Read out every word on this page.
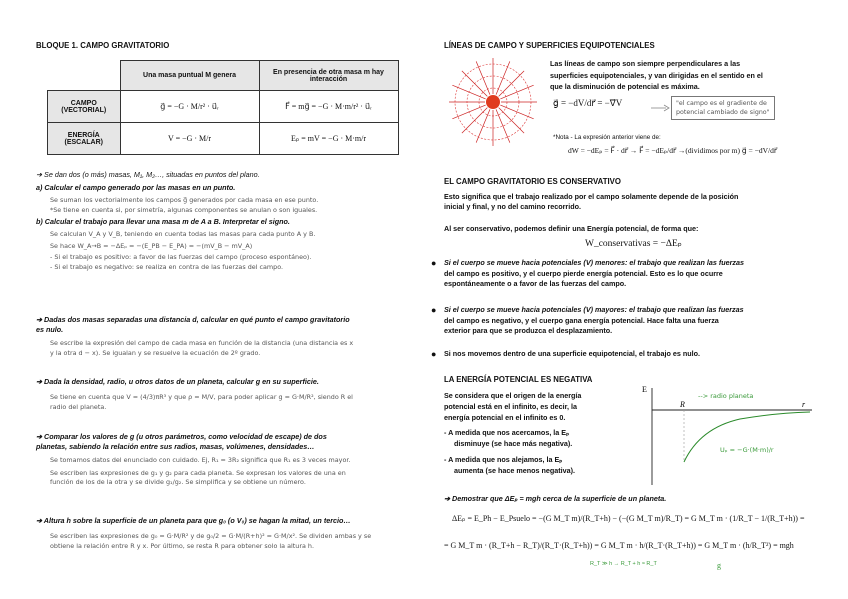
BLOQUE 1. CAMPO GRAVITATORIO
	Una masa puntual M genera	En presencia de otra masa m hay interacción

CAMPO
(VECTORIAL)	g⃗ = −G · M/r² · u⃗ᵣ	F⃗ = mg⃗ = −G · M·m/r² · u⃗ᵣ

ENERGÍA
(ESCALAR)	V = −G · M/r	Eₚ = mV = −G · M·m/r
➔ Se dan dos (o más) masas, M₁, M₂…, situadas en puntos del plano.
a) Calcular el campo generado por las masas en un punto.
Se suman los vectorialmente los campos g⃗ generados por cada masa en ese punto.
*Se tiene en cuenta si, por simetría, algunas componentes se anulan o son iguales.
b) Calcular el trabajo para llevar una masa m de A a B. Interpretar el signo.
Se calculan V_A y V_B, teniendo en cuenta todas las masas para cada punto A y B.
Se hace W_A→B = −ΔEₚ = −(E_PB − E_PA) = −(mV_B − mV_A)
- Si el trabajo es positivo: a favor de las fuerzas del campo (proceso espontáneo).
- Si el trabajo es negativo: se realiza en contra de las fuerzas del campo.
➔ Dadas dos masas separadas una distancia d, calcular en qué punto el campo gravitatorio
es nulo.
Se escribe la expresión del campo de cada masa en función de la distancia (una distancia es x
y la otra d − x). Se igualan y se resuelve la ecuación de 2º grado.
➔ Dada la densidad, radio, u otros datos de un planeta, calcular g en su superficie.
Se tiene en cuenta que V = (4/3)πR³ y que ρ = M/V, para poder aplicar g = G·M/R², siendo R el
radio del planeta.
➔ Comparar los valores de g (u otros parámetros, como velocidad de escape) de dos
planetas, sabiendo la relación entre sus radios, masas, volúmenes, densidades…
Se tomamos datos del enunciado con cuidado. Ej, R₁ = 3R₂ significa que R₁ es 3 veces mayor.
Se escriben las expresiones de g₁ y g₂ para cada planeta. Se expresan los valores de una en
función de los de la otra y se divide g₁/g₂. Se simplifica y se obtiene un número.
➔ Altura h sobre la superficie de un planeta para que g₀ (o V₀) se hagan la mitad, un tercio…
Se escriben las expresiones de g₀ = G·M/R² y de g₀/2 = G·M/(R+h)² = G·M/x². Se dividen ambas y se
obtiene la relación entre R y x. Por último, se resta R para obtener solo la altura h.
LÍNEAS DE CAMPO Y SUPERFICIES EQUIPOTENCIALES
Las líneas de campo son siempre perpendiculares a las
superficies equipotenciales, y van dirigidas en el sentido en el
que la disminución de potencial es máxima.
g⃗ = −dV/dr⃗ = −∇⃗V	"el campo es el gradiente de
potencial cambiado de signo"
*Nota - La expresión anterior viene de:
dW = −dEₚ = F⃗ · dr⃗ → F⃗ = −dEₚ/dr⃗ →(dividimos por m) g⃗ = −dV/dr⃗
EL CAMPO GRAVITATORIO ES CONSERVATIVO
Esto significa que el trabajo realizado por el campo solamente depende de la posición
inicial y final, y no del camino recorrido.
Al ser conservativo, podemos definir una Energía potencial, de forma que:
W_conservativas = −ΔEₚ
● Si el cuerpo se mueve hacia potenciales (V) menores: el trabajo que realizan las fuerzas
del campo es positivo, y el cuerpo pierde energía potencial. Esto es lo que ocurre
espontáneamente o a favor de las fuerzas del campo.
● Si el cuerpo se mueve hacia potenciales (V) mayores: el trabajo que realizan las fuerzas
del campo es negativo, y el cuerpo gana energía potencial. Hace falta una fuerza
exterior para que se produzca el desplazamiento.
● Si nos movemos dentro de una superficie equipotencial, el trabajo es nulo.
LA ENERGÍA POTENCIAL ES NEGATIVA
Se considera que el origen de la energía
potencial está en el infinito, es decir, la
energía potencial en el infinito es 0.
- A medida que nos acercamos, la Eₚ
disminuye (se hace más negativa).
- A medida que nos alejamos, la Eₚ
aumenta (se hace menos negativa).
E
r
R
--> radio planeta
Uₚ = −G·(M·m)/r
➔ Demostrar que ΔEₚ = mgh cerca de la superficie de un planeta.
ΔEₚ = E_Ph − E_Psuelo = −(G M_T m)/(R_T+h) − (−(G M_T m)/R_T) = G M_T m · (1/R_T − 1/(R_T+h)) =
= G M_T m · (R_T+h − R_T)/(R_T·(R_T+h)) = G M_T m · h/(R_T·(R_T+h)) = G M_T m · (h/R_T²) = mgh
R_T ≫ h → R_T + h ≈ R_T	g
